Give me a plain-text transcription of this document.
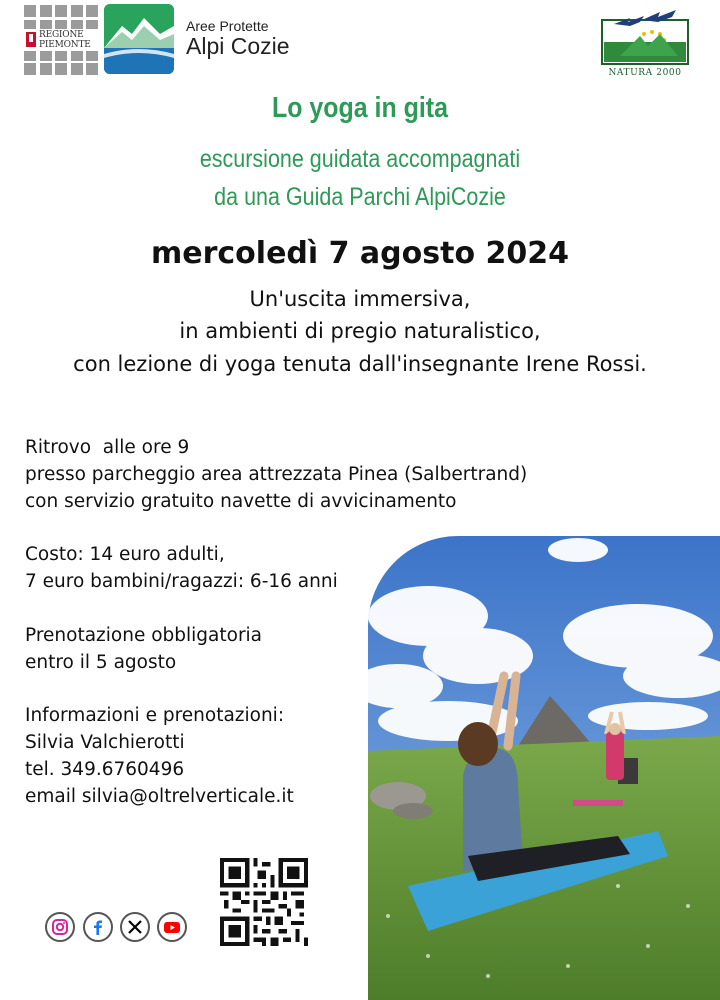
REGIONE
PIEMONTE
Aree Protette
Alpi Cozie
NATURA 2000
Lo yoga in gita
escursione guidata accompagnati
da una Guida Parchi AlpiCozie
mercoledì 7 agosto 2024
Un'uscita immersiva,
in ambienti di pregio naturalistico,
con lezione di yoga tenuta dall'insegnante Irene Rossi.
Ritrovo  alle ore 9
presso parcheggio area attrezzata Pinea (Salbertrand)
con servizio gratuito navette di avvicinamento
Costo: 14 euro adulti,
7 euro bambini/ragazzi: 6-16 anni
Prenotazione obbligatoria
entro il 5 agosto
Informazioni e prenotazioni:
Silvia Valchierotti
tel. 349.6760496
email silvia@oltrelverticale.it
